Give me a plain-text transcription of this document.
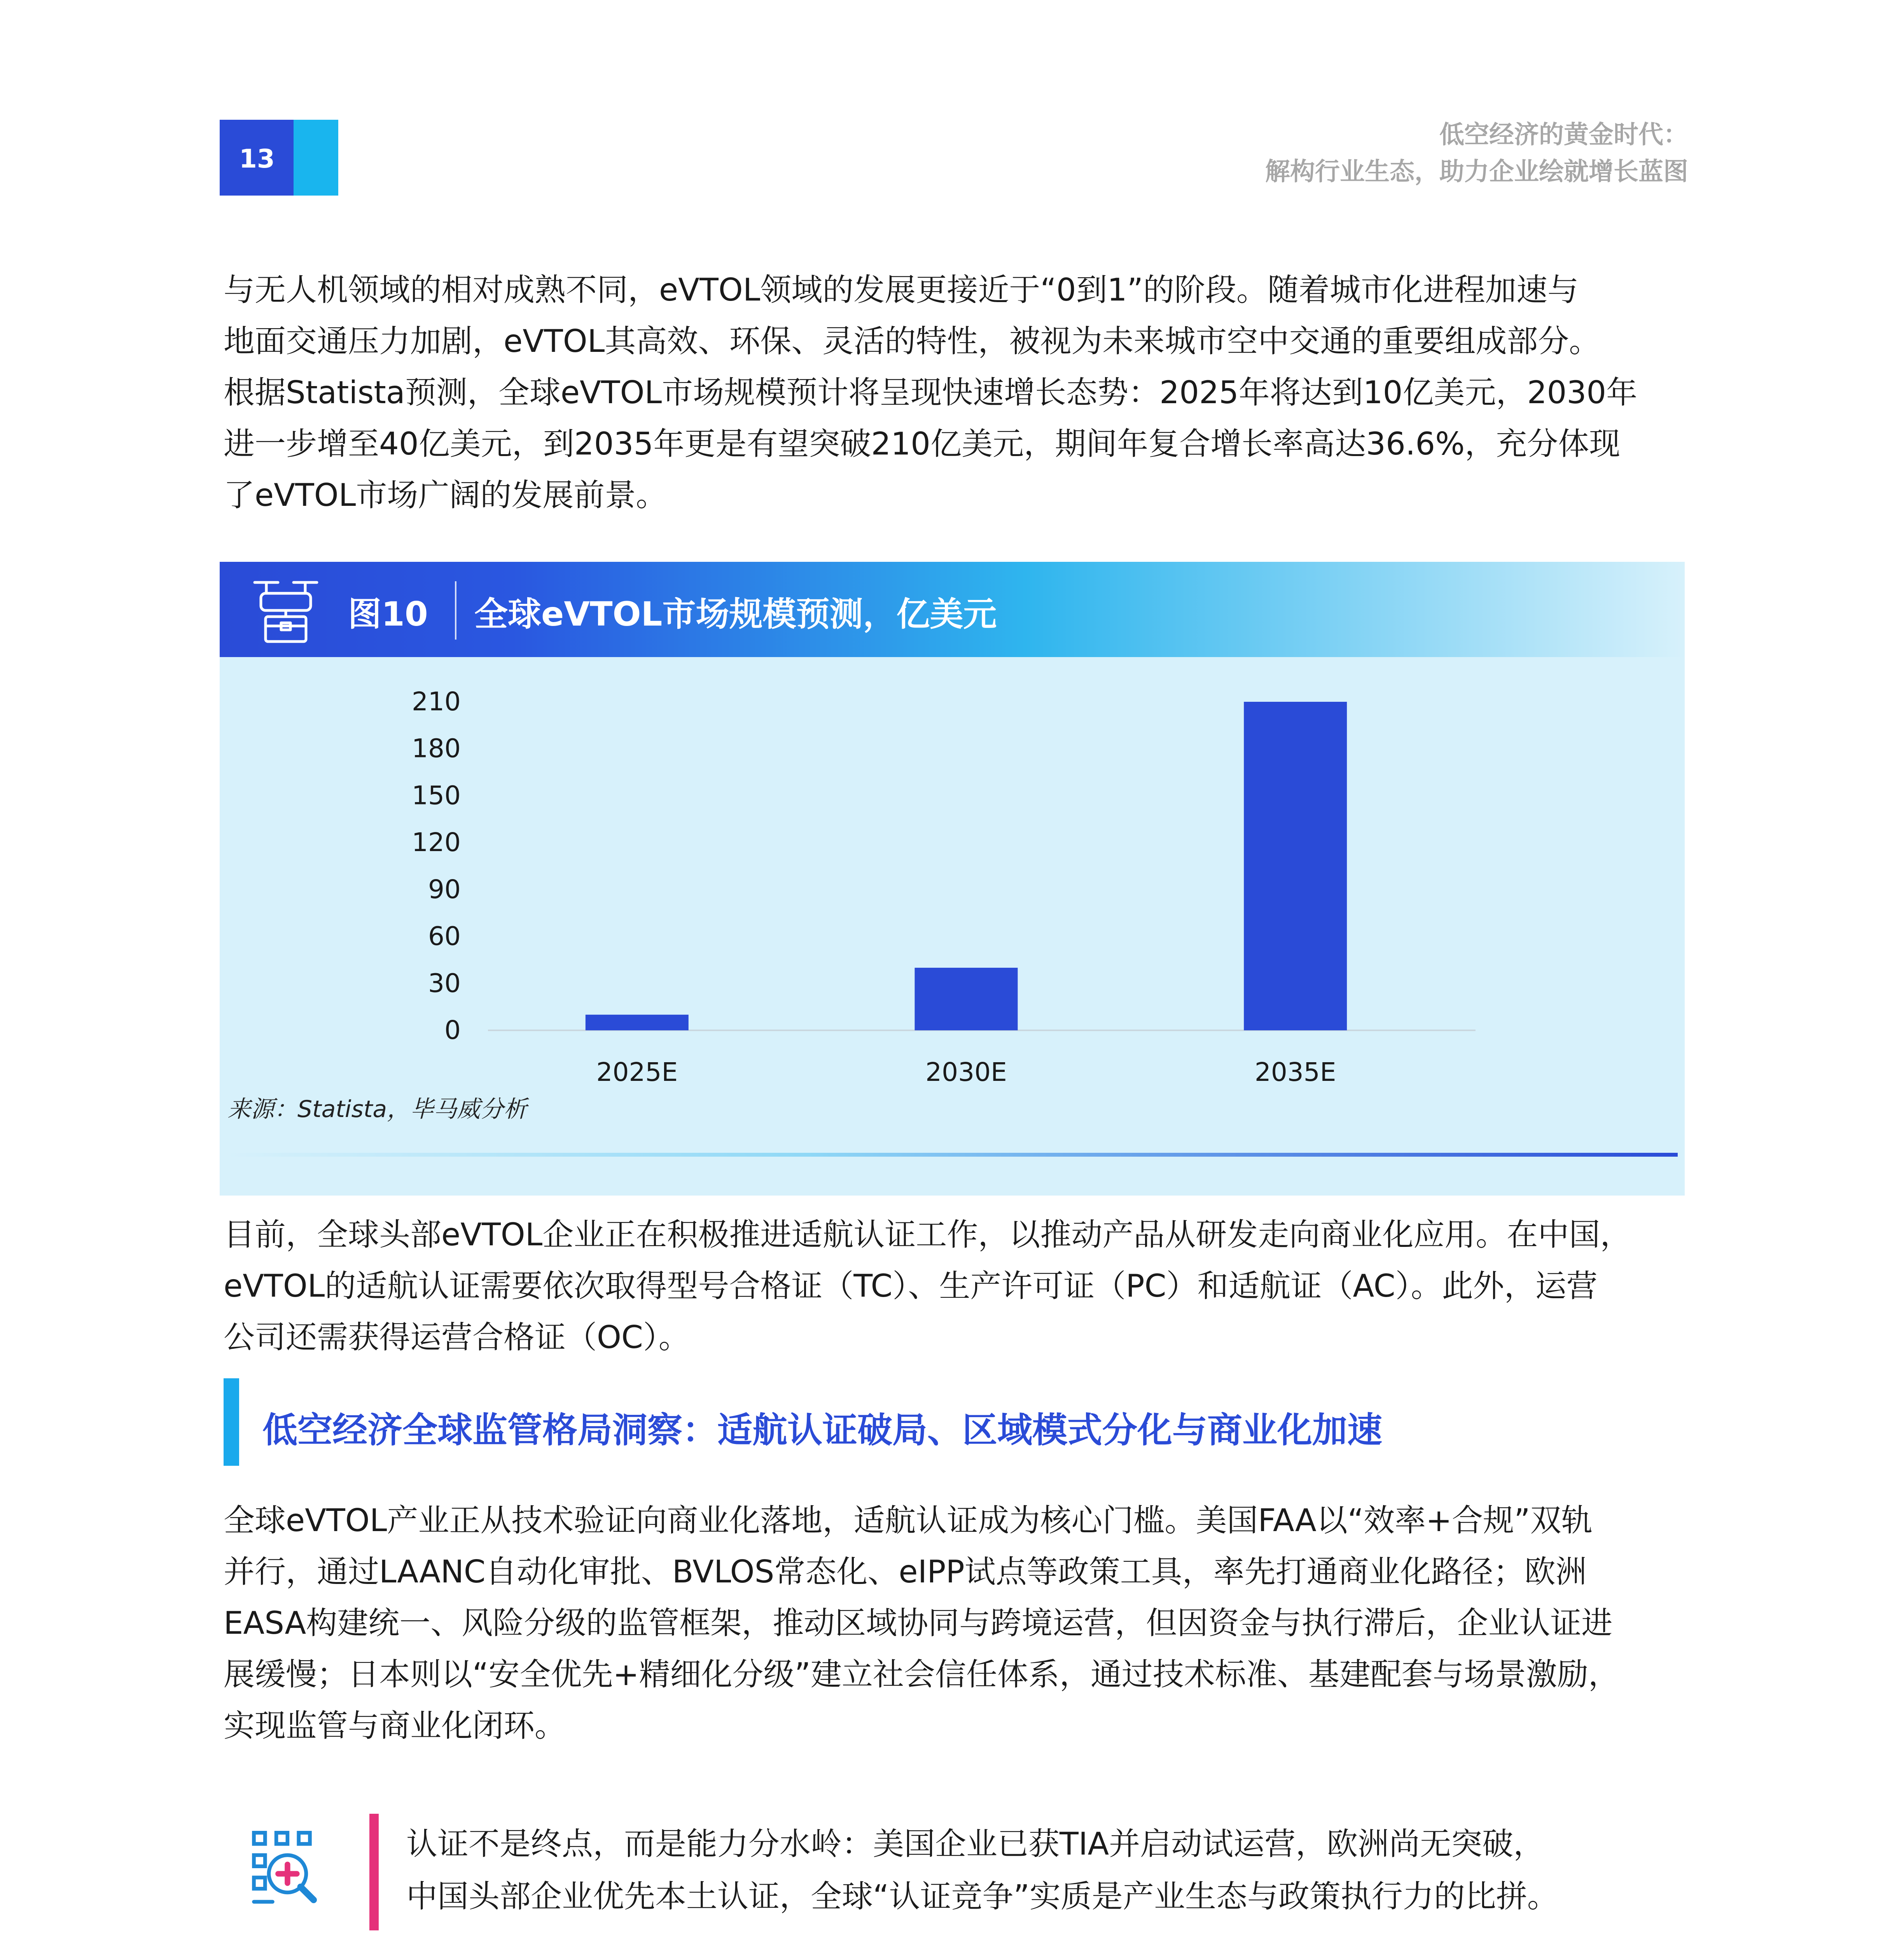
13
低空经济的黄金时代：
解构行业生态，助力企业绘就增长蓝图
与无人机领域的相对成熟不同，eVTOL领域的发展更接近于“0到1”的阶段。随着城市化进程加速与
地面交通压力加剧，eVTOL其高效、环保、灵活的特性，被视为未来城市空中交通的重要组成部分。
根据Statista预测，全球eVTOL市场规模预计将呈现快速增长态势：2025年将达到10亿美元，2030年
进一步增至40亿美元，到2035年更是有望突破210亿美元，期间年复合增长率高达36.6%，充分体现
了eVTOL市场广阔的发展前景。
图10 全球eVTOL市场规模预测，亿美元
0
30
60
90
120
150
180
210
2025E	2030E	2035E
来源：Statista，毕马威分析
目前，全球头部eVTOL企业正在积极推进适航认证工作，以推动产品从研发走向商业化应用。在中国，
eVTOL的适航认证需要依次取得型号合格证（TC）、生产许可证（PC）和适航证（AC）。此外，运营
公司还需获得运营合格证（OC）。
低空经济全球监管格局洞察：适航认证破局、区域模式分化与商业化加速
全球eVTOL产业正从技术验证向商业化落地，适航认证成为核心门槛。美国FAA以“效率+合规”双轨
并行，通过LAANC自动化审批、BVLOS常态化、eIPP试点等政策工具，率先打通商业化路径；欧洲
EASA构建统一、风险分级的监管框架，推动区域协同与跨境运营，但因资金与执行滞后，企业认证进
展缓慢；日本则以“安全优先+精细化分级”建立社会信任体系，通过技术标准、基建配套与场景激励，
实现监管与商业化闭环。
认证不是终点，而是能力分水岭：美国企业已获TIA并启动试运营，欧洲尚无突破，
中国头部企业优先本土认证，全球“认证竞争”实质是产业生态与政策执行力的比拼。
